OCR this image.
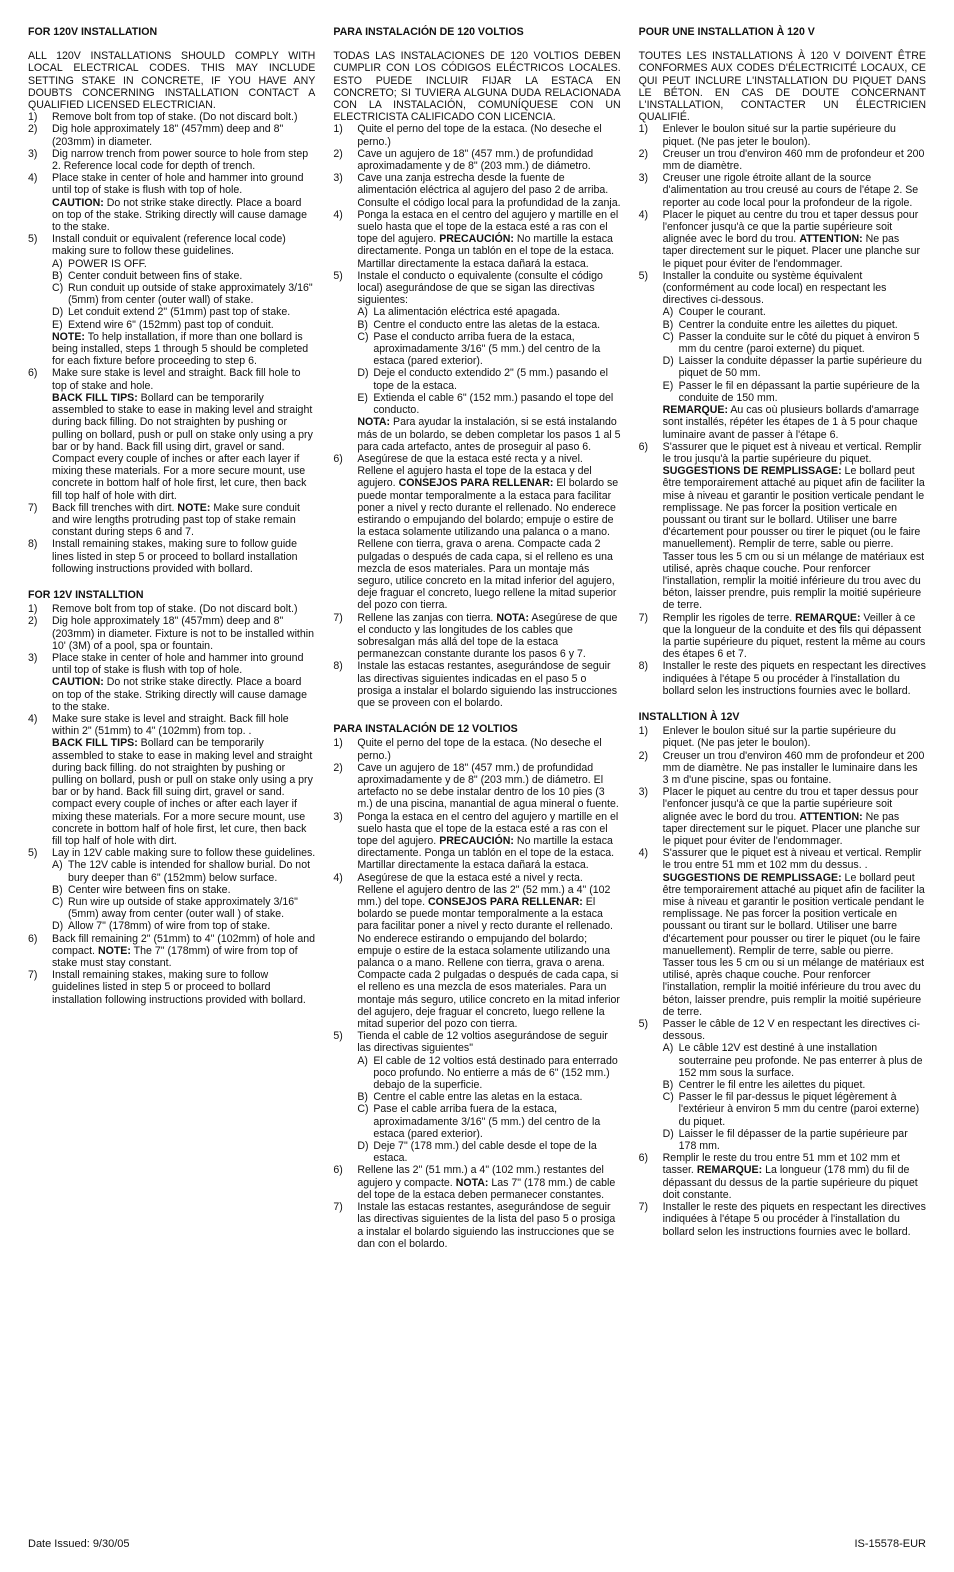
FOR 120V INSTALLATION
ALL 120V INSTALLATIONS SHOULD COMPLY WITH LOCAL ELECTRICAL CODES. THIS MAY INCLUDE SETTING STAKE IN CONCRETE, IF YOU HAVE ANY DOUBTS CONCERNING INSTALLATION CONTACT A QUALIFIED LICENSED ELECTRICIAN.
1) Remove bolt from top of stake. (Do not discard bolt.)
2) Dig hole approximately 18" (457mm) deep and 8" (203mm) in diameter.
3) Dig narrow trench from power source to hole from step 2. Reference local code for depth of trench.
4) Place stake in center of hole and hammer into ground until top of stake is flush with top of hole.
CAUTION: Do not strike stake directly. Place a board on top of the stake. Striking directly will cause damage to the stake.
5) Install conduit or equivalent (reference local code) making sure to follow these guidelines.
A) POWER IS OFF.
B) Center conduit between fins of stake.
C) Run conduit up outside of stake approximately 3/16" (5mm) from center (outer wall) of stake.
D) Let conduit extend 2" (51mm) past top of stake.
E) Extend wire 6" (152mm) past top of conduit.
NOTE: To help installation, if more than one bollard is being installed, steps 1 through 5 should be completed for each fixture before proceeding to step 6.
6) Make sure stake is level and straight. Back fill hole to top of stake and hole.
BACK FILL TIPS: Bollard can be temporarily assembled to stake to ease in making level and straight during back filling. Do not straighten by pushing or pulling on bollard, push or pull on stake only using a pry bar or by hand. Back fill using dirt, gravel or sand. Compact every couple of inches or after each layer if mixing these materials. For a more secure mount, use concrete in bottom half of hole first, let cure, then back fill top half of hole with dirt.
7) Back fill trenches with dirt. NOTE: Make sure conduit and wire lengths protruding past top of stake remain constant during steps 6 and 7.
8) Install remaining stakes, making sure to follow guide lines listed in step 5 or proceed to bollard installation following instructions provided with bollard.
FOR 12V INSTALLTION
1) Remove bolt from top of stake. (Do not discard bolt.)
2) Dig hole approximately 18" (457mm) deep and 8" (203mm) in diameter. Fixture is not to be installed within 10' (3M) of a pool, spa or fountain.
3) Place stake in center of hole and hammer into ground until top of stake is flush with top of hole.
CAUTION: Do not strike stake directly. Place a board on top of the stake. Striking directly will cause damage to the stake.
4) Make sure stake is level and straight. Back fill hole within 2" (51mm) to 4" (102mm) from top. .
BACK FILL TIPS: Bollard can be temporarily assembled to stake to ease in making level and straight during back filling. do not straighten by pushing or pulling on bollard, push or pull on stake only using a pry bar or by hand. Back fill suing dirt, gravel or sand. compact every couple of inches or after each layer if mixing these materials. For a more secure mount, use concrete in bottom half of hole first, let cure, then back fill top half of hole with dirt.
5) Lay in 12V cable making sure to follow these guidelines.
A) The 12V cable is intended for shallow burial. Do not bury deeper than 6" (152mm) below surface.
B) Center wire between fins on stake.
C) Run wire up outside of stake approximately 3/16" (5mm) away from center (outer wall ) of stake.
D) Allow 7" (178mm) of wire from top of stake.
6) Back fill remaining 2" (51mm) to 4" (102mm) of hole and compact. NOTE: The 7" (178mm) of wire from top of stake must stay constant.
7) Install remaining stakes, making sure to follow guidelines listed in step 5 or proceed to bollard installation following instructions provided with bollard.
PARA INSTALACIÓN DE 120 VOLTIOS
TODAS LAS INSTALACIONES DE 120 VOLTIOS DEBEN CUMPLIR CON LOS CÓDIGOS ELÉCTRICOS LOCALES. ESTO PUEDE INCLUIR FIJAR LA ESTACA EN CONCRETO; SI TUVIERA ALGUNA DUDA RELACIONADA CON LA INSTALACIÓN, COMUNÍQUESE CON UN ELECTRICISTA CALIFICADO CON LICENCIA.
1) Quite el perno del tope de la estaca. (No deseche el perno.)
2) Cave un agujero de 18" (457 mm.) de profundidad aproximadamente y de 8" (203 mm.) de diámetro.
3) Cave una zanja estrecha desde la fuente de alimentación eléctrica al agujero del paso 2 de arriba. Consulte el código local para la profundidad de la zanja.
4) Ponga la estaca en el centro del agujero y martille en el suelo hasta que el tope de la estaca esté a ras con el tope del agujero. PRECAUCIÓN: No martille la estaca directamente. Ponga un tablón en el tope de la estaca. Martillar directamente la estaca dañará la estaca.
5) Instale el conducto o equivalente (consulte el código local) asegurándose de que se sigan las directivas siguientes:
A) La alimentación eléctrica esté apagada.
B) Centre el conducto entre las aletas de la estaca.
C) Pase el conducto arriba fuera de la estaca, aproximadamente 3/16" (5 mm.) del centro de la estaca (pared exterior).
D) Deje el conducto extendido 2" (5 mm.) pasando el tope de la estaca.
E) Extienda el cable 6" (152 mm.) pasando el tope del conducto.
NOTA: Para ayudar la instalación, si se está instalando más de un bolardo, se deben completar los pasos 1 al 5 para cada artefacto, antes de proseguir al paso 6.
6) Asegúrese de que la estaca esté recta y a nivel. Rellene el agujero hasta el tope de la estaca y del agujero. CONSEJOS PARA RELLENAR: El bolardo se puede montar temporalmente a la estaca para facilitar poner a nivel y recto durante el rellenado. No enderece estirando o empujando del bolardo; empuje o estire de la estaca solamente utilizando una palanca o a mano. Rellene con tierra, grava o arena. Compacte cada 2 pulgadas o después de cada capa, si el relleno es una mezcla de esos materiales. Para un montaje más seguro, utilice concreto en la mitad inferior del agujero, deje fraguar el concreto, luego rellene la mitad superior del pozo con tierra.
7) Rellene las zanjas con tierra. NOTA: Asegúrese de que el conducto y las longitudes de los cables que sobresalgan más allá del tope de la estaca permanezcan constante durante los pasos 6 y 7.
8) Instale las estacas restantes, asegurándose de seguir las directivas siguientes indicadas en el paso 5 o prosiga a instalar el bolardo siguiendo las instrucciones que se proveen con el bolardo.
PARA INSTALACIÓN DE 12 VOLTIOS
1) Quite el perno del tope de la estaca. (No deseche el perno.)
2) Cave un agujero de 18" (457 mm.) de profundidad aproximadamente y de 8" (203 mm.) de diámetro. El artefacto no se debe instalar dentro de los 10 pies (3 m.) de una piscina, manantial de agua mineral o fuente.
3) Ponga la estaca en el centro del agujero y martille en el suelo hasta que el tope de la estaca esté a ras con el tope del agujero. PRECAUCIÓN: No martille la estaca directamente. Ponga un tablón en el tope de la estaca. Martillar directamente la estaca dañará la estaca.
4) Asegúrese de que la estaca esté a nivel y recta. Rellene el agujero dentro de las 2" (52 mm.) a 4" (102 mm.) del tope. CONSEJOS PARA RELLENAR: El bolardo se puede montar temporalmente a la estaca para facilitar poner a nivel y recto durante el rellenado. No enderece estirando o empujando del bolardo; empuje o estire de la estaca solamente utilizando una palanca o a mano. Rellene con tierra, grava o arena. Compacte cada 2 pulgadas o después de cada capa, si el relleno es una mezcla de esos materiales. Para un montaje más seguro, utilice concreto en la mitad inferior del agujero, deje fraguar el concreto, luego rellene la mitad superior del pozo con tierra.
5) Tienda el cable de 12 voltios asegurándose de seguir las directivas siguientes"
A) El cable de 12 voltios está destinado para enterrado poco profundo. No entierre a más de 6" (152 mm.) debajo de la superficie.
B) Centre el cable entre las aletas en la estaca.
C) Pase el cable arriba fuera de la estaca, aproximadamente 3/16" (5 mm.) del centro de la estaca (pared exterior).
D) Deje 7" (178 mm.) del cable desde el tope de la estaca.
6) Rellene las 2" (51 mm.) a 4" (102 mm.) restantes del agujero y compacte. NOTA: Las 7" (178 mm.) de cable del tope de la estaca deben permanecer constantes.
7) Instale las estacas restantes, asegurándose de seguir las directivas siguientes de la lista del paso 5 o prosiga a instalar el bolardo siguiendo las instrucciones que se dan con el bolardo.
POUR UNE INSTALLATION À 120 V
TOUTES LES INSTALLATIONS À 120 V DOIVENT ÊTRE CONFORMES AUX CODES D'ÉLECTRICITÉ LOCAUX, CE QUI PEUT INCLURE L'INSTALLATION DU PIQUET DANS LE BÉTON. EN CAS DE DOUTE CONCERNANT L'INSTALLATION, CONTACTER UN ÉLECTRICIEN QUALIFIÉ.
1) Enlever le boulon situé sur la partie supérieure du piquet. (Ne pas jeter le boulon).
2) Creuser un trou d'environ 460 mm de profondeur et 200 mm de diamètre.
3) Creuser une rigole étroite allant de la source d'alimentation au trou creusé au cours de l'étape 2. Se reporter au code local pour la profondeur de la rigole.
4) Placer le piquet au centre du trou et taper dessus pour l'enfoncer jusqu'à ce que la partie supérieure soit alignée avec le bord du trou. ATTENTION: Ne pas taper directement sur le piquet. Placer une planche sur le piquet pour éviter de l'endommager.
5) Installer la conduite ou système équivalent (conformément au code local) en respectant les directives ci-dessous.
A) Couper le courant.
B) Centrer la conduite entre les ailettes du piquet.
C) Passer la conduite sur le côté du piquet à environ 5 mm du centre (paroi externe) du piquet.
D) Laisser la conduite dépasser la partie supérieure du piquet de 50 mm.
E) Passer le fil en dépassant la partie supérieure de la conduite de 150 mm.
REMARQUE: Au cas où plusieurs bollards d'amarrage sont installés, répéter les étapes de 1 à 5 pour chaque luminaire avant de passer à l'étape 6.
6) S'assurer que le piquet est à niveau et vertical. Remplir le trou jusqu'à la partie supérieure du piquet.
SUGGESTIONS DE REMPLISSAGE: Le bollard peut être temporairement attaché au piquet afin de faciliter la mise à niveau et garantir le position verticale pendant le remplissage. Ne pas forcer la position verticale en poussant ou tirant sur le bollard. Utiliser une barre d'écartement pour pousser ou tirer le piquet (ou le faire manuellement). Remplir de terre, sable ou pierre. Tasser tous les 5 cm ou si un mélange de matériaux est utilisé, après chaque couche. Pour renforcer l'installation, remplir la moitié inférieure du trou avec du béton, laisser prendre, puis remplir la moitié supérieure de terre.
7) Remplir les rigoles de terre. REMARQUE: Veiller à ce que la longueur de la conduite et des fils qui dépassent la partie supérieure du piquet, restent la même au cours des étapes 6 et 7.
8) Installer le reste des piquets en respectant les directives indiquées à l'étape 5 ou procéder à l'installation du bollard selon les instructions fournies avec le bollard.
INSTALLTION À 12V
1) Enlever le boulon situé sur la partie supérieure du piquet. (Ne pas jeter le boulon).
2) Creuser un trou d'environ 460 mm de profondeur et 200 mm de diamètre. Ne pas installer le luminaire dans les 3 m d'une piscine, spas ou fontaine.
3) Placer le piquet au centre du trou et taper dessus pour l'enfoncer jusqu'à ce que la partie supérieure soit alignée avec le bord du trou. ATTENTION: Ne pas taper directement sur le piquet. Placer une planche sur le piquet pour éviter de l'endommager.
4) S'assurer que le piquet est à niveau et vertical. Remplir le trou entre 51 mm et 102 mm du dessus. .
SUGGESTIONS DE REMPLISSAGE: Le bollard peut être temporairement attaché au piquet afin de faciliter la mise à niveau et garantir le position verticale pendant le remplissage. Ne pas forcer la position verticale en poussant ou tirant sur le bollard. Utiliser une barre d'écartement pour pousser ou tirer le piquet (ou le faire manuellement). Remplir de terre, sable ou pierre. Tasser tous les 5 cm ou si un mélange de matériaux est utilisé, après chaque couche. Pour renforcer l'installation, remplir la moitié inférieure du trou avec du béton, laisser prendre, puis remplir la moitié supérieure de terre.
5) Passer le câble de 12 V en respectant les directives ci-dessous.
A) Le câble 12V est destiné à une installation souterraine peu profonde. Ne pas enterrer à plus de 152 mm sous la surface.
B) Centrer le fil entre les ailettes du piquet.
C) Passer le fil par-dessus le piquet légèrement à l'extérieur à environ 5 mm du centre (paroi externe) du piquet.
D) Laisser le fil dépasser de la partie supérieure par 178 mm.
6) Remplir le reste du trou entre 51 mm et 102 mm et tasser. REMARQUE: La longueur (178 mm) du fil de dépassant du dessus de la partie supérieure du piquet doit constante.
7) Installer le reste des piquets en respectant les directives indiquées à l'étape 5 ou procéder à l'installation du bollard selon les instructions fournies avec le bollard.
Date Issued: 9/30/05	IS-15578-EUR
